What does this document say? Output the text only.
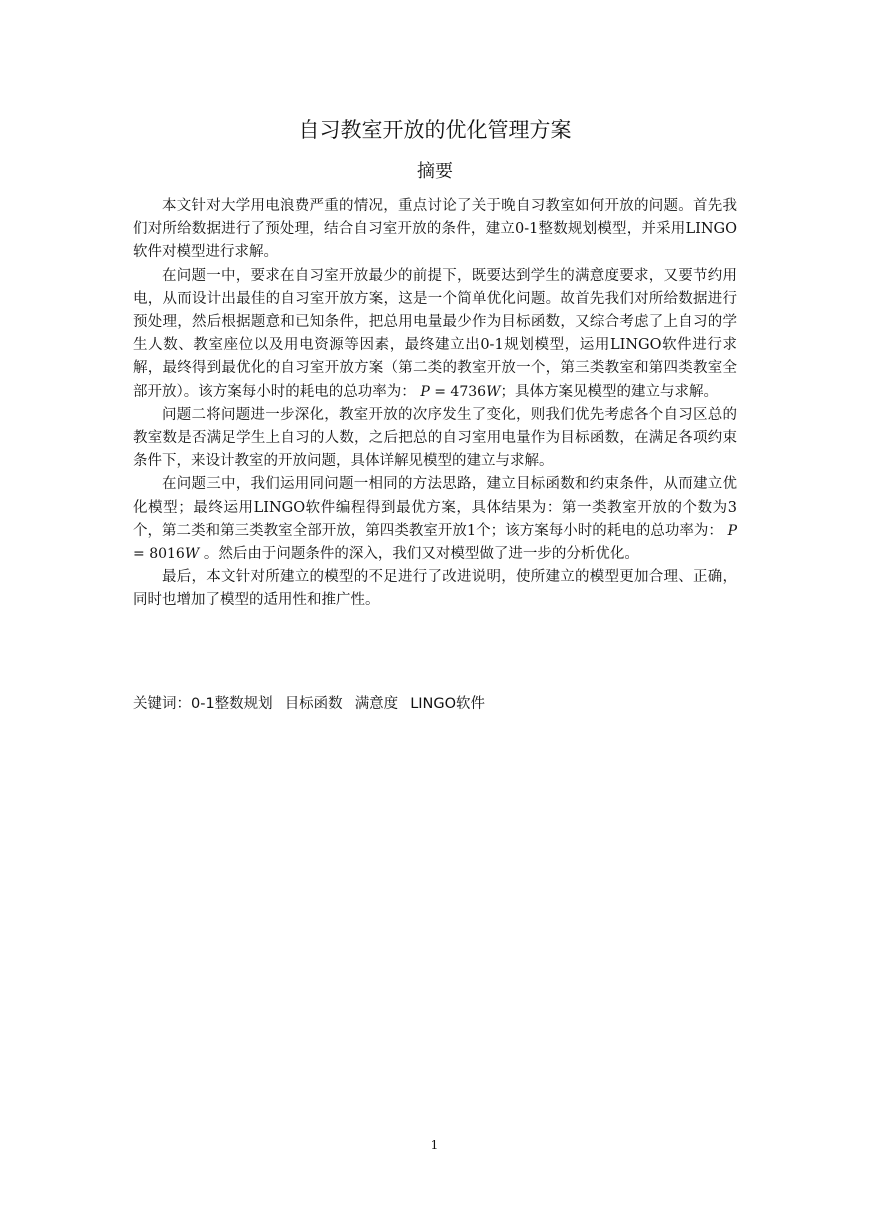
自习教室开放的优化管理方案
摘要

本文针对大学用电浪费严重的情况，重点讨论了关于晚自习教室如何开放的问题。首先我们对所给数据进行了预处理，结合自习室开放的条件，建立0-1整数规划模型，并采用LINGO软件对模型进行求解。

在问题一中，要求在自习室开放最少的前提下，既要达到学生的满意度要求，又要节约用电，从而设计出最佳的自习室开放方案，这是一个简单优化问题。故首先我们对所给数据进行预处理，然后根据题意和已知条件，把总用电量最少作为目标函数，又综合考虑了上自习的学生人数、教室座位以及用电资源等因素，最终建立出0-1规划模型，运用LINGO软件进行求解，最终得到最优化的自习室开放方案（第二类的教室开放一个，第三类教室和第四类教室全部开放）。该方案每小时的耗电的总功率为： P = 4736W；具体方案见模型的建立与求解。

问题二将问题进一步深化，教室开放的次序发生了变化，则我们优先考虑各个自习区总的教室数是否满足学生上自习的人数，之后把总的自习室用电量作为目标函数，在满足各项约束条件下，来设计教室的开放问题，具体详解见模型的建立与求解。

在问题三中，我们运用同问题一相同的方法思路，建立目标函数和约束条件，从而建立优化模型；最终运用LINGO软件编程得到最优方案，具体结果为：第一类教室开放的个数为3个，第二类和第三类教室全部开放，第四类教室开放1个；该方案每小时的耗电的总功率为： P = 8016W 。然后由于问题条件的深入，我们又对模型做了进一步的分析优化。

最后，本文针对所建立的模型的不足进行了改进说明，使所建立的模型更加合理、正确，同时也增加了模型的适用性和推广性。

关键词：0-1整数规划 目标函数 满意度 LINGO软件
1
